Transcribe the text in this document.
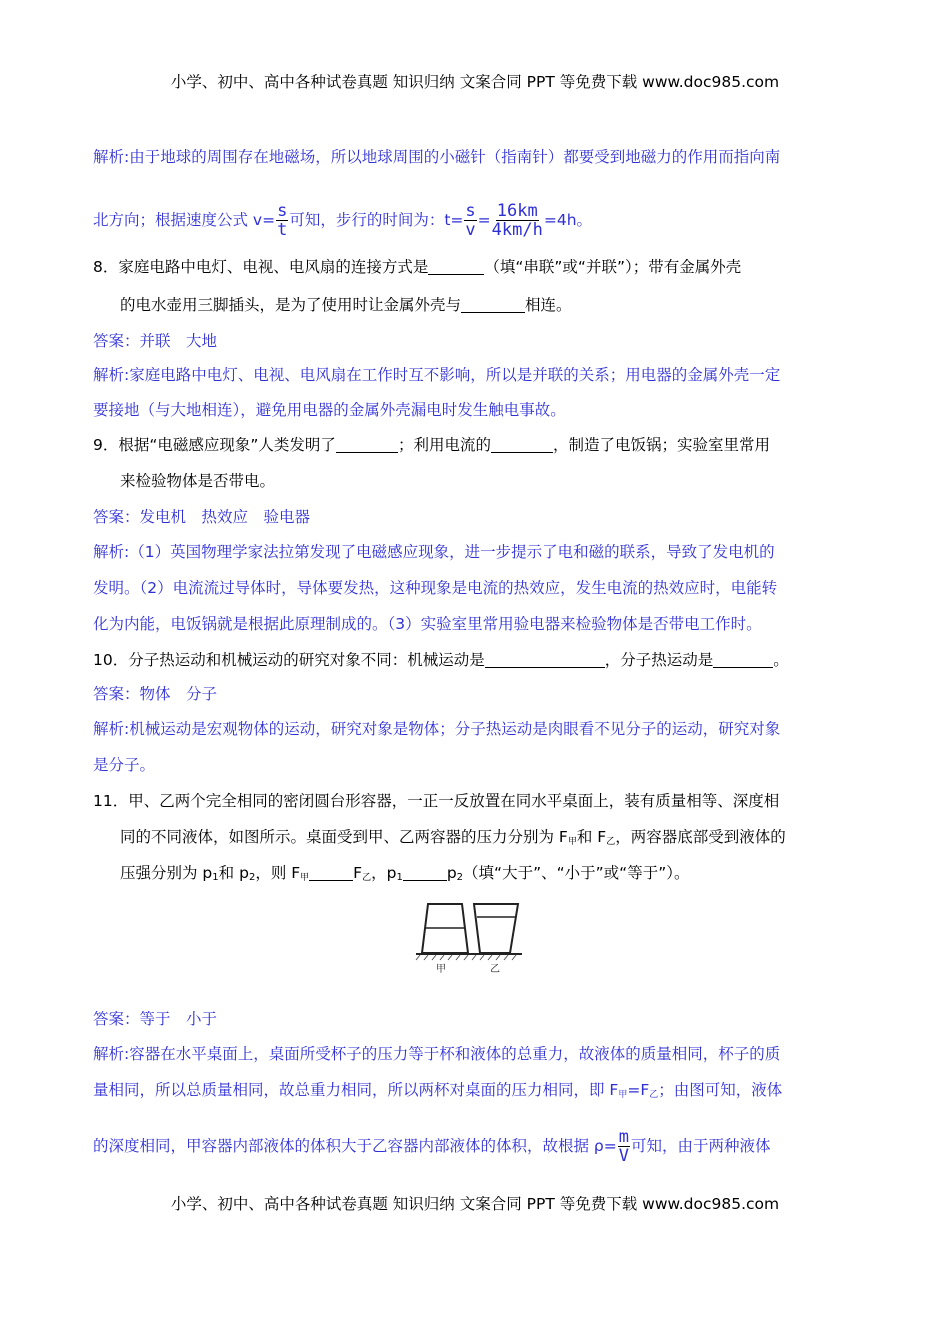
小学、初中、高中各种试卷真题 知识归纳 文案合同 PPT 等免费下载 www.doc985.com
解析:由于地球的周围存在地磁场，所以地球周围的小磁针（指南针）都要受到地磁力的作用而指向南
北方向；根据速度公式 $v= \frac{s}{t}$ 可知，步行的时间为：$t= \frac{s}{v} = \frac{16km}{4km/h} =4h$。
8．家庭电路中电灯、电视、电风扇的连接方式是	（填“串联”或“并联”）；带有金属外壳
的电水壶用三脚插头，是为了使用时让金属外壳与	相连。
答案：并联　大地
解析:家庭电路中电灯、电视、电风扇在工作时互不影响，所以是并联的关系；用电器的金属外壳一定
要接地（与大地相连），避免用电器的金属外壳漏电时发生触电事故。
9．根据“电磁感应现象”人类发明了	；利用电流的	，制造了电饭锅；实验室里常用
来检验物体是否带电。
答案：发电机　热效应　验电器
解析:（1）英国物理学家法拉第发现了电磁感应现象，进一步提示了电和磁的联系，导致了发电机的
发明。（2）电流流过导体时，导体要发热，这种现象是电流的热效应，发生电流的热效应时，电能转
化为内能，电饭锅就是根据此原理制成的。（3）实验室里常用验电器来检验物体是否带电工作时。
10．分子热运动和机械运动的研究对象不同：机械运动是	，分子热运动是	。
答案：物体　分子
解析:机械运动是宏观物体的运动，研究对象是物体；分子热运动是肉眼看不见分子的运动，研究对象
是分子。
11．甲、乙两个完全相同的密闭圆台形容器，一正一反放置在同水平桌面上，装有质量相等、深度相
同的不同液体，如图所示。桌面受到甲、乙两容器的压力分别为 $F_甲$和 $F_乙$，两容器底部受到液体的
压强分别为 $p_1$和 $p_2$，则 $F_甲$	$F_乙$，$p_1$	$p_2$（填“大于”、“小于”或“等于”）。
甲	乙
答案：等于　小于
解析:容器在水平桌面上，桌面所受杯子的压力等于杯和液体的总重力，故液体的质量相同，杯子的质
量相同，所以总质量相同，故总重力相同，所以两杯对桌面的压力相同，即 $F_甲=F_乙$；由图可知，液体
的深度相同，甲容器内部液体的体积大于乙容器内部液体的体积，故根据 $\rho= \frac{m}{V}$ 可知，由于两种液体
小学、初中、高中各种试卷真题 知识归纳 文案合同 PPT 等免费下载 www.doc985.com
